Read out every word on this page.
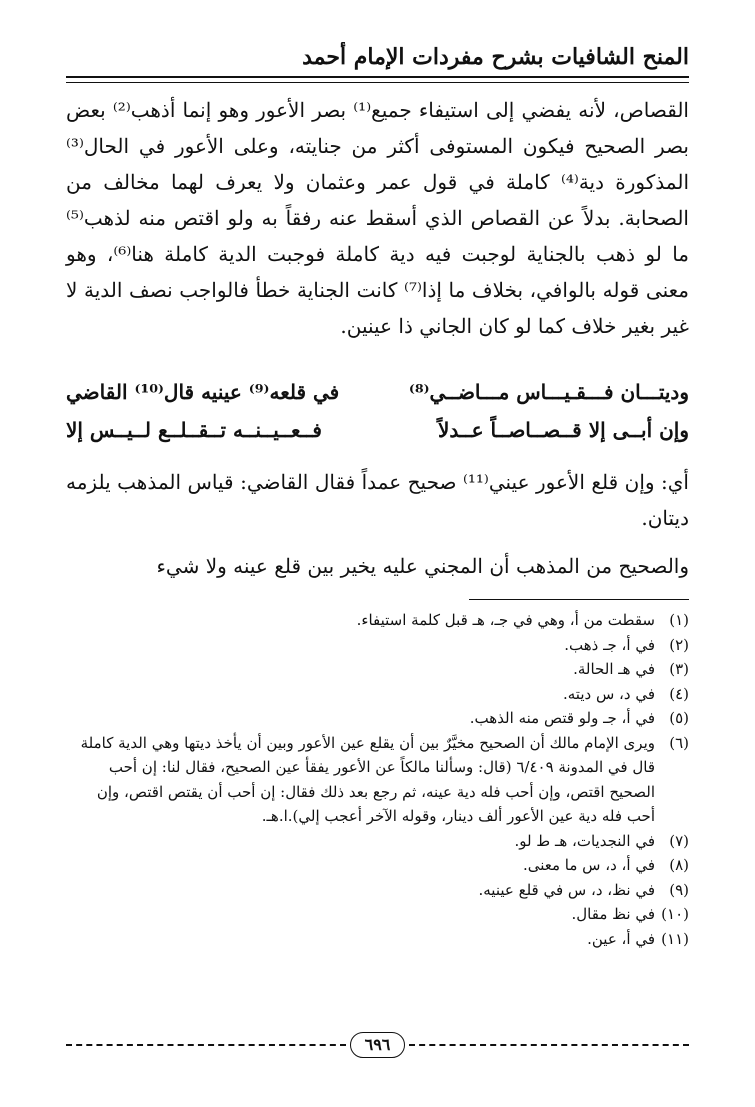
المنح الشافيات بشرح مفردات الإمام أحمد

القصاص، لأنه يفضي إلى استيفاء جميع⁽¹⁾ بصر الأعور وهو إنما أذهب⁽²⁾ بعض بصر الصحيح فيكون المستوفى أكثر من جنايته، وعلى الأعور في الحال⁽³⁾ المذكورة دية⁽⁴⁾ كاملة في قول عمر وعثمان ولا يعرف لهما مخالف من الصحابة. بدلاً عن القصاص الذي أسقط عنه رفقاً به ولو اقتص منه لذهب⁽⁵⁾ ما لو ذهب بالجناية لوجبت فيه دية كاملة فوجبت الدية كاملة هنا⁽⁶⁾، وهو معنى قوله بالوافي، بخلاف ما إذا⁽⁷⁾ كانت الجناية خطأ فالواجب نصف الدية لا غير بغير خلاف كما لو كان الجاني ذا عينين.

وديتـــان فـــقـيـــاس مـــاضــي⁽⁸⁾
في قلعه⁽⁹⁾ عينيه قال⁽¹⁰⁾ القاضي
وإن أبــى إلا قــصــاصــاً عــدلاً
فــعــيــنــه تــقــلــع لــيــس إلا
أي: وإن قلع الأعور عيني⁽¹¹⁾ صحيح عمداً فقال القاضي: قياس المذهب يلزمه ديتان.
والصحيح من المذهب أن المجني عليه يخير بين قلع عينه ولا شيء
(١)
سقطت من أ، وهي في جـ، هـ قبل كلمة استيفاء.
(٢)
في أ، جـ ذهب.
(٣)
في هـ الحالة.
(٤)
في د، س ديته.
(٥)
في أ، جـ ولو قتص منه الذهب.
(٦)
ويرى الإمام مالك أن الصحيح مخيَّرٌ بين أن يقلع عين الأعور وبين أن يأخذ ديتها وهي الدية كاملة قال في المدونة ٦/٤٠٩ (قال: وسألنا مالكاً عن الأعور يفقأ عين الصحيح، فقال لنا: إن أحب الصحيح اقتص، وإن أحب فله دية عينه، ثم رجع بعد ذلك فقال: إن أحب أن يقتص اقتص، وإن أحب فله دية عين الأعور ألف دينار، وقوله الآخر أعجب إلي).ا.هـ.
(٧)
في النجديات، هـ ط لو.
(٨)
في أ، د، س ما معنى.
(٩)
في نظ، د، س في قلع عينيه.
(١٠)
في نظ مقال.
(١١)
في أ، عين.
٦٩٦
